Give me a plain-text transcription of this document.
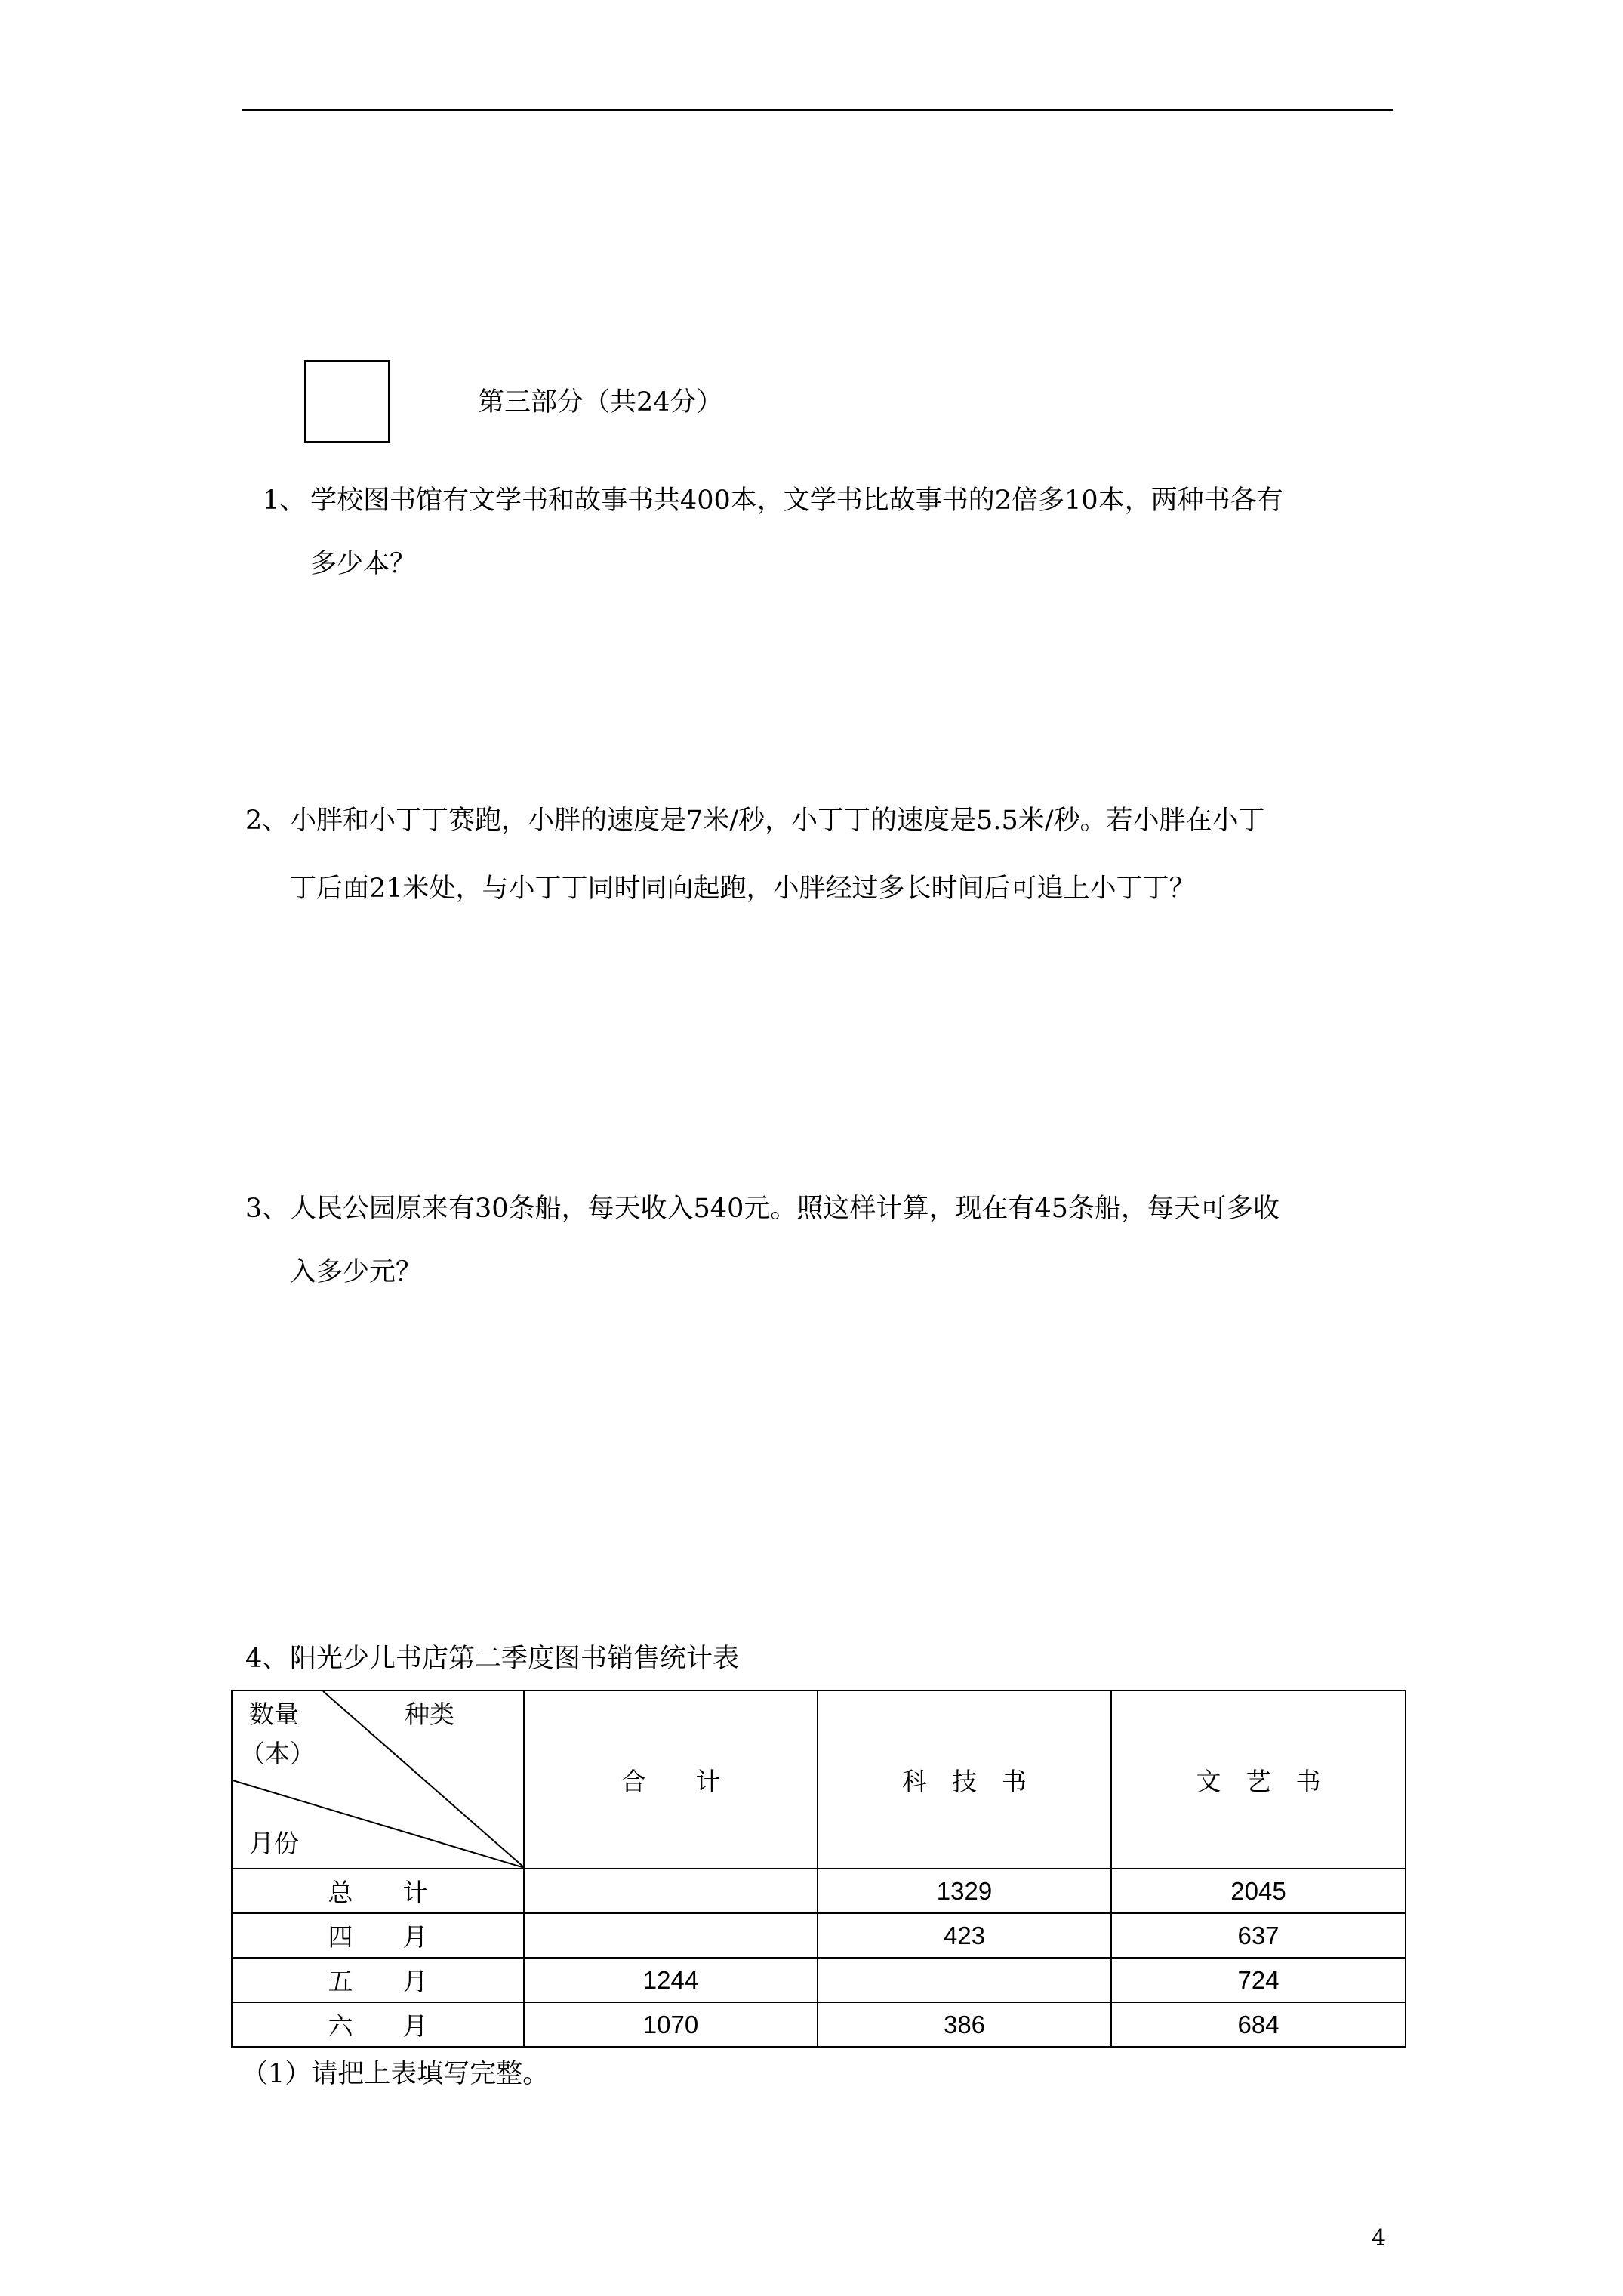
第三部分（共24分）
1、 学校图书馆有文学书和故事书共400本，文学书比故事书的2倍多10本，两种书各有
多少本？
2、 小胖和小丁丁赛跑，小胖的速度是7米/秒，小丁丁的速度是5.5米/秒。若小胖在小丁
丁后面21米处，与小丁丁同时同向起跑，小胖经过多长时间后可追上小丁丁？
3、 人民公园原来有30条船，每天收入540元。照这样计算，现在有45条船，每天可多收
入多少元？
4、 阳光少儿书店第二季度图书销售统计表
数量 种类
（本）
月份	合　　计	科　技　书	文　艺　书
总　　计		1329	2045
四　　月		423	637
五　　月	1244		724
六　　月	1070	386	684
（1）请把上表填写完整。
4
